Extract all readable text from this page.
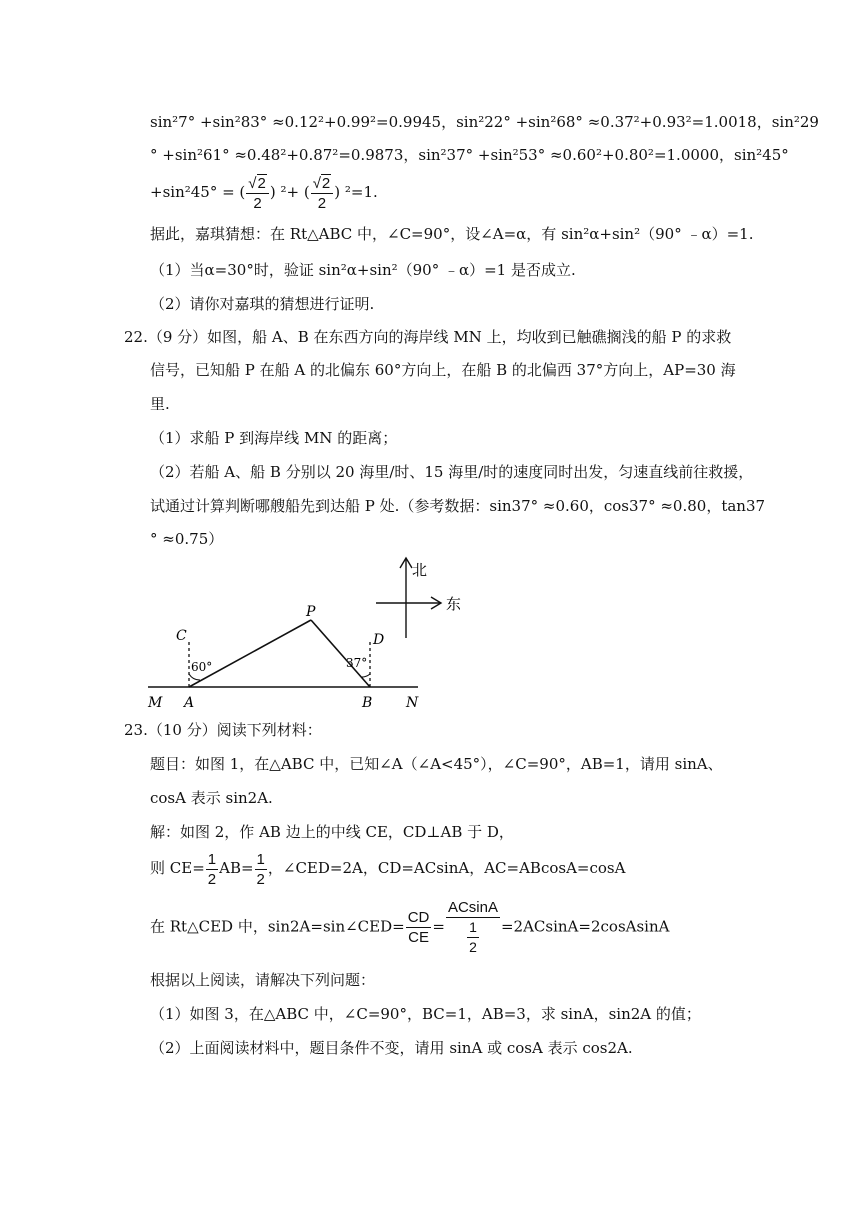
sin²7° +sin²83° ≈0.12²+0.99²=0.9945，sin²22° +sin²68° ≈0.37²+0.93²=1.0018，sin²29
° +sin²61° ≈0.48²+0.87²=0.9873，sin²37° +sin²53° ≈0.60²+0.80²=1.0000，sin²45°
+sin²45° = ( $\frac{√2}{2}$ ) ²+ ( $\frac{√2}{2}$ ) ²=1.
据此，嘉琪猜想：在 Rt△ABC 中，∠C=90°，设∠A=α，有 sin²α+sin²（90° ﹣α）=1.
（1）当α=30°时，验证 sin²α+sin²（90° ﹣α）=1 是否成立.
（2）请你对嘉琪的猜想进行证明.
22.（9 分）如图，船 A、B 在东西方向的海岸线 MN 上，均收到已触礁搁浅的船 P 的求救
信号，已知船 P 在船 A 的北偏东 60°方向上，在船 B 的北偏西 37°方向上，AP=30 海
里.
（1）求船 P 到海岸线 MN 的距离；
（2）若船 A、船 B 分别以 20 海里/时、15 海里/时的速度同时出发，匀速直线前往救援，
试通过计算判断哪艘船先到达船 P 处.（参考数据：sin37° ≈0.60，cos37° ≈0.80，tan37
° ≈0.75）
北
东
P
C	D
60°	37°
M A	B N
23.（10 分）阅读下列材料：
题目：如图 1，在△ABC 中，已知∠A（∠A<45°），∠C=90°，AB=1，请用 sinA、
cosA 表示 sin2A.
解：如图 2，作 AB 边上的中线 CE，CD⊥AB 于 D，
则 $CE= \frac{1}{2} AB= \frac{1}{2}$ ，∠CED=2A，CD=ACsinA，AC=ABcosA=cosA
在 Rt△CED 中，sin2A=sin∠CED= $\frac{CD}{CE} = \frac{ACsinA}{\frac{1}{2}}$ =2ACsinA=2cosAsinA
根据以上阅读，请解决下列问题：
（1）如图 3，在△ABC 中，∠C=90°，BC=1，AB=3，求 sinA，sin2A 的值；
（2）上面阅读材料中，题目条件不变，请用 sinA 或 cosA 表示 cos2A.
